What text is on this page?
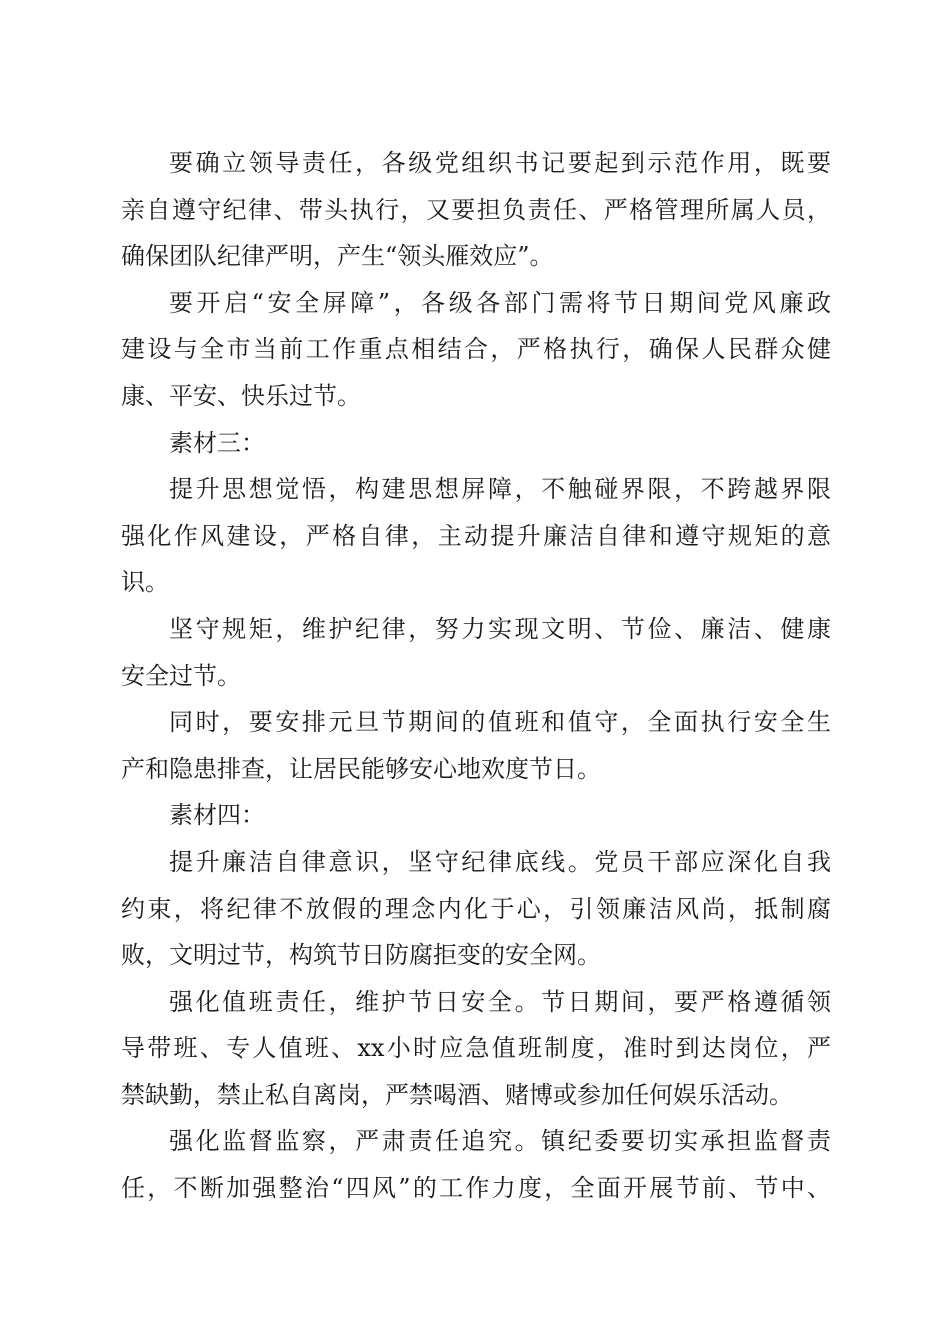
要确立领导责任，各级党组织书记要起到示范作用，既要
亲自遵守纪律、带头执行，又要担负责任、严格管理所属人员，
确保团队纪律严明，产生“领头雁效应”。
要开启“安全屏障”，各级各部门需将节日期间党风廉政
建设与全市当前工作重点相结合，严格执行，确保人民群众健
康、平安、快乐过节。
素材三：
提升思想觉悟，构建思想屏障，不触碰界限，不跨越界限
强化作风建设，严格自律，主动提升廉洁自律和遵守规矩的意
识。
坚守规矩，维护纪律，努力实现文明、节俭、廉洁、健康
安全过节。
同时，要安排元旦节期间的值班和值守，全面执行安全生
产和隐患排查，让居民能够安心地欢度节日。
素材四：
提升廉洁自律意识，坚守纪律底线。党员干部应深化自我
约束，将纪律不放假的理念内化于心，引领廉洁风尚，抵制腐
败，文明过节，构筑节日防腐拒变的安全网。
强化值班责任，维护节日安全。节日期间，要严格遵循领
导带班、专人值班、xx小时应急值班制度，准时到达岗位，严
禁缺勤，禁止私自离岗，严禁喝酒、赌博或参加任何娱乐活动。
强化监督监察，严肃责任追究。镇纪委要切实承担监督责
任，不断加强整治“四风”的工作力度，全面开展节前、节中、
